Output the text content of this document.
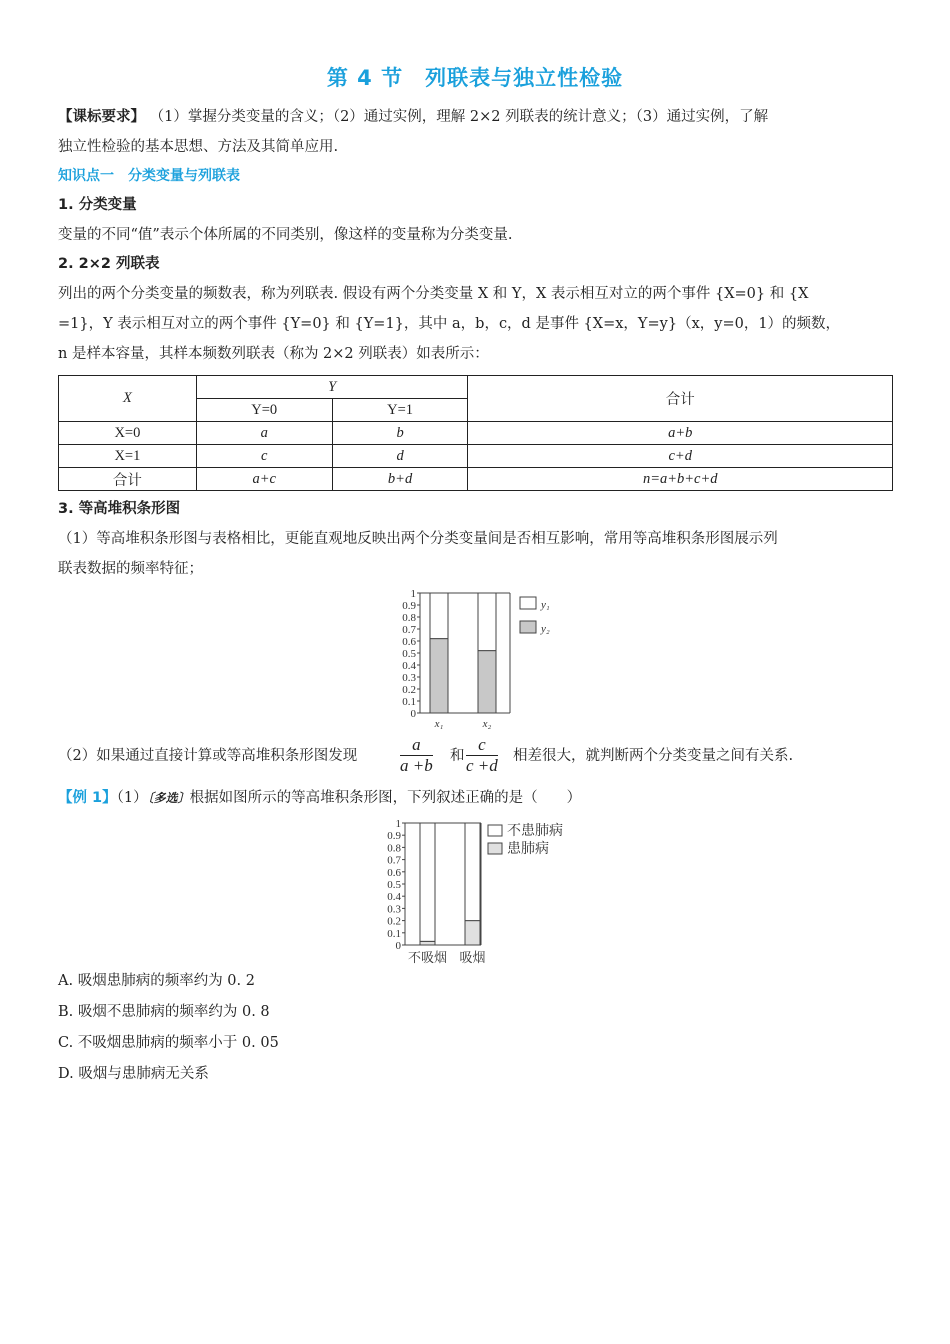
第 4 节　列联表与独立性检验
【课标要求】 （1）掌握分类变量的含义；（2）通过实例，理解 2×2 列联表的统计意义；（3）通过实例，了解
独立性检验的基本思想、方法及其简单应用.
知识点一　分类变量与列联表
1. 分类变量
变量的不同“值”表示个体所属的不同类别，像这样的变量称为分类变量.
2. 2×2 列联表
列出的两个分类变量的频数表，称为列联表. 假设有两个分类变量 X 和 Y，X 表示相互对立的两个事件 {X=0} 和 {X
=1}，Y 表示相互对立的两个事件 {Y=0} 和 {Y=1}，其中 a，b，c，d 是事件 {X=x，Y=y}（x，y=0，1）的频数，
n 是样本容量，其样本频数列联表（称为 2×2 列联表）如表所示：
X	Y		合计
	Y=0	Y=1	
X=0	a	b	a+b
X=1	c	d	c+d
合计	a+c	b+d	n=a+b+c+d
3. 等高堆积条形图
（1）等高堆积条形图与表格相比，更能直观地反映出两个分类变量间是否相互影响，常用等高堆积条形图展示列
联表数据的频率特征；
0
0.1
0.2
0.3
0.4
0.5
0.6
0.7
0.8
0.9
1
x₁	x₂
y₁
y₂
（2）如果通过直接计算或等高堆积条形图发现	$\frac{a}{a +b}$ 和 $\frac{c}{c +d}$ 相差很大，就判断两个分类变量之间有关系.
【例 1】（1）〔多选〕根据如图所示的等高堆积条形图，下列叙述正确的是（　　）
0
0.1
0.2
0.3
0.4
0.5
0.6
0.7
0.8
0.9
1
不吸烟 吸烟
不患肺病
患肺病
A. 吸烟患肺病的频率约为 0. 2
B. 吸烟不患肺病的频率约为 0. 8
C. 不吸烟患肺病的频率小于 0. 05
D. 吸烟与患肺病无关系
